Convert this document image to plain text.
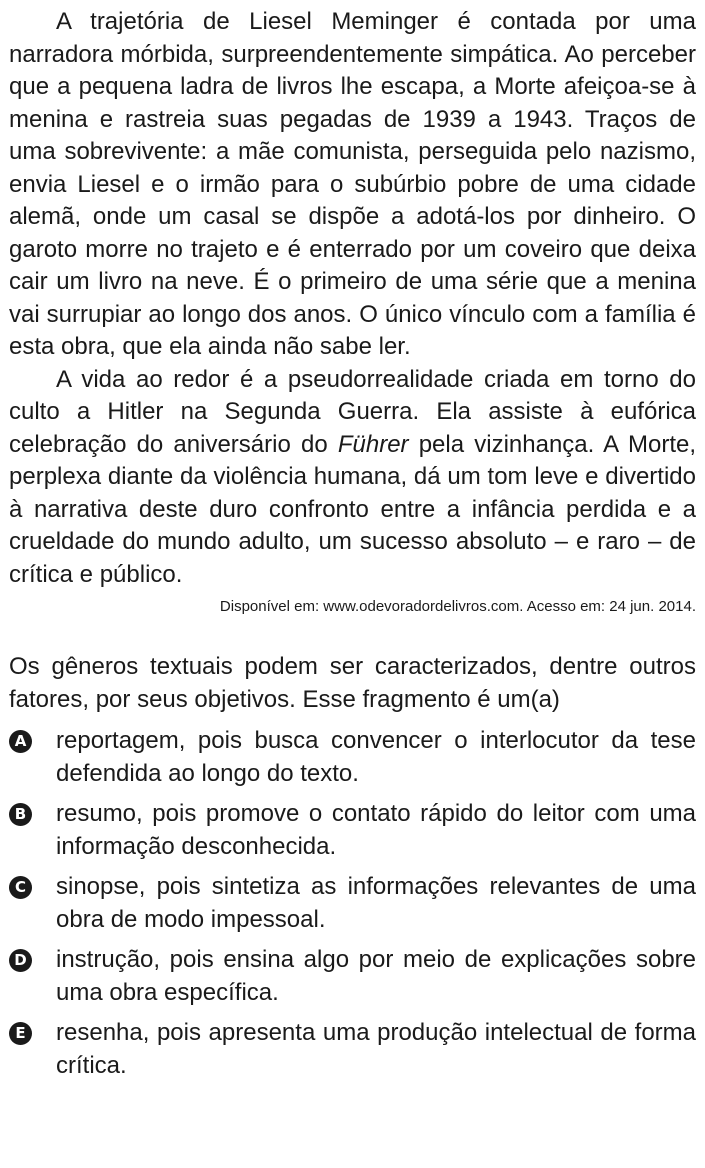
A trajetória de Liesel Meminger é contada por uma narradora mórbida, surpreendentemente simpática. Ao perceber que a pequena ladra de livros lhe escapa, a Morte afeiçoa-se à menina e rastreia suas pegadas de 1939 a 1943. Traços de uma sobrevivente: a mãe comunista, perseguida pelo nazismo, envia Liesel e o irmão para o subúrbio pobre de uma cidade alemã, onde um casal se dispõe a adotá-los por dinheiro. O garoto morre no trajeto e é enterrado por um coveiro que deixa cair um livro na neve. É o primeiro de uma série que a menina vai surrupiar ao longo dos anos. O único vínculo com a família é esta obra, que ela ainda não sabe ler.

A vida ao redor é a pseudorrealidade criada em torno do culto a Hitler na Segunda Guerra. Ela assiste à eufórica celebração do aniversário do Führer pela vizinhança. A Morte, perplexa diante da violência humana, dá um tom leve e divertido à narrativa deste duro confronto entre a infância perdida e a crueldade do mundo adulto, um sucesso absoluto – e raro – de crítica e público.

Disponível em: www.odevoradordelivros.com. Acesso em: 24 jun. 2014.

Os gêneros textuais podem ser caracterizados, dentre outros fatores, por seus objetivos. Esse fragmento é um(a)

A reportagem, pois busca convencer o interlocutor da tese defendida ao longo do texto.
B resumo, pois promove o contato rápido do leitor com uma informação desconhecida.
C sinopse, pois sintetiza as informações relevantes de uma obra de modo impessoal.
D instrução, pois ensina algo por meio de explicações sobre uma obra específica.
E resenha, pois apresenta uma produção intelectual de forma crítica.
